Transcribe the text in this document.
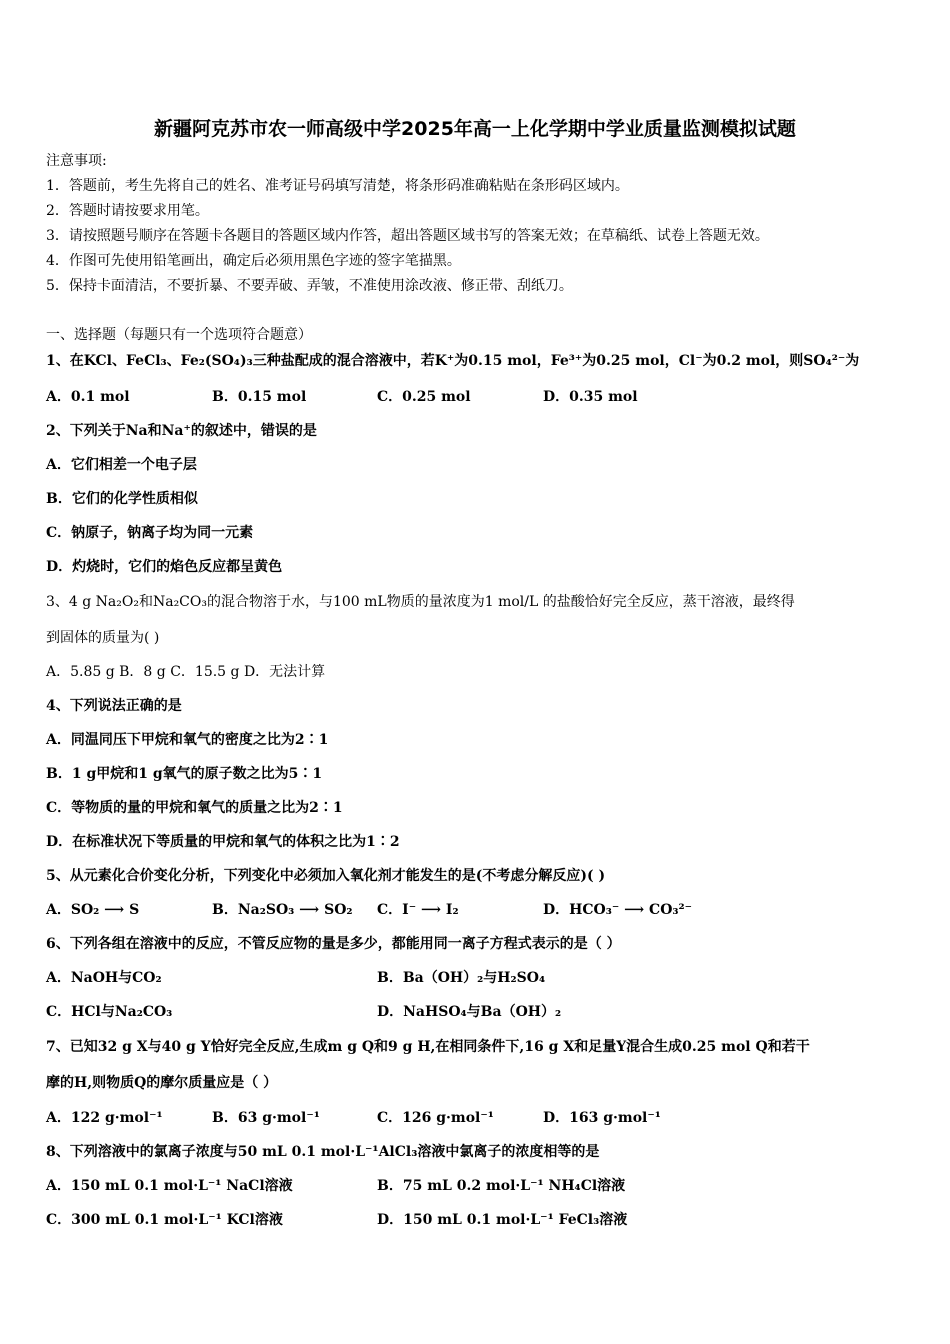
新疆阿克苏市农一师高级中学2025年高一上化学期中学业质量监测模拟试题
注意事项:
1．答题前，考生先将自己的姓名、准考证号码填写清楚，将条形码准确粘贴在条形码区域内。
2．答题时请按要求用笔。
3．请按照题号顺序在答题卡各题目的答题区域内作答，超出答题区域书写的答案无效；在草稿纸、试卷上答题无效。
4．作图可先使用铅笔画出，确定后必须用黑色字迹的签字笔描黑。
5．保持卡面清洁，不要折暴、不要弄破、弄皱，不准使用涂改液、修正带、刮纸刀。
一、选择题（每题只有一个选项符合题意）
1、在KCl、FeCl₃、Fe₂(SO₄)₃三种盐配成的混合溶液中，若K⁺为0.15 mol，Fe³⁺为0.25 mol，Cl⁻为0.2 mol，则SO₄²⁻为
A．0.1 mol	B．0.15 mol	C．0.25 mol	D．0.35 mol
2、下列关于Na和Na⁺的叙述中，错误的是
A．它们相差一个电子层
B．它们的化学性质相似
C．钠原子，钠离子均为同一元素
D．灼烧时，它们的焰色反应都呈黄色
3、4 g Na₂O₂和Na₂CO₃的混合物溶于水，与100 mL物质的量浓度为1 mol/L 的盐酸恰好完全反应，蒸干溶液，最终得
到固体的质量为( )
A．5.85 g B．8 g C．15.5 g D．无法计算
4、下列说法正确的是
A．同温同压下甲烷和氧气的密度之比为2∶1
B．1 g甲烷和1 g氧气的原子数之比为5∶1
C．等物质的量的甲烷和氧气的质量之比为2∶1
D．在标准状况下等质量的甲烷和氧气的体积之比为1∶2
5、从元素化合价变化分析，下列变化中必须加入氧化剂才能发生的是(不考虑分解反应)( )
A．SO₂ ⟶ S	B．Na₂SO₃ ⟶ SO₂ C．I⁻ ⟶ I₂	D．HCO₃⁻ ⟶ CO₃²⁻
6、下列各组在溶液中的反应，不管反应物的量是多少，都能用同一离子方程式表示的是（ ）
A．NaOH与CO₂	B．Ba（OH）₂与H₂SO₄
C．HCl与Na₂CO₃	D．NaHSO₄与Ba（OH）₂
7、已知32 g X与40 g Y恰好完全反应,生成m g Q和9 g H,在相同条件下,16 g X和足量Y混合生成0.25 mol Q和若干
摩的H,则物质Q的摩尔质量应是（ ）
A．122 g·mol⁻¹	B．63 g·mol⁻¹	C．126 g·mol⁻¹	D．163 g·mol⁻¹
8、下列溶液中的氯离子浓度与50 mL 0.1 mol·L⁻¹AlCl₃溶液中氯离子的浓度相等的是
A．150 mL 0.1 mol·L⁻¹ NaCl溶液	B．75 mL 0.2 mol·L⁻¹ NH₄Cl溶液
C．300 mL 0.1 mol·L⁻¹ KCl溶液	D．150 mL 0.1 mol·L⁻¹ FeCl₃溶液
